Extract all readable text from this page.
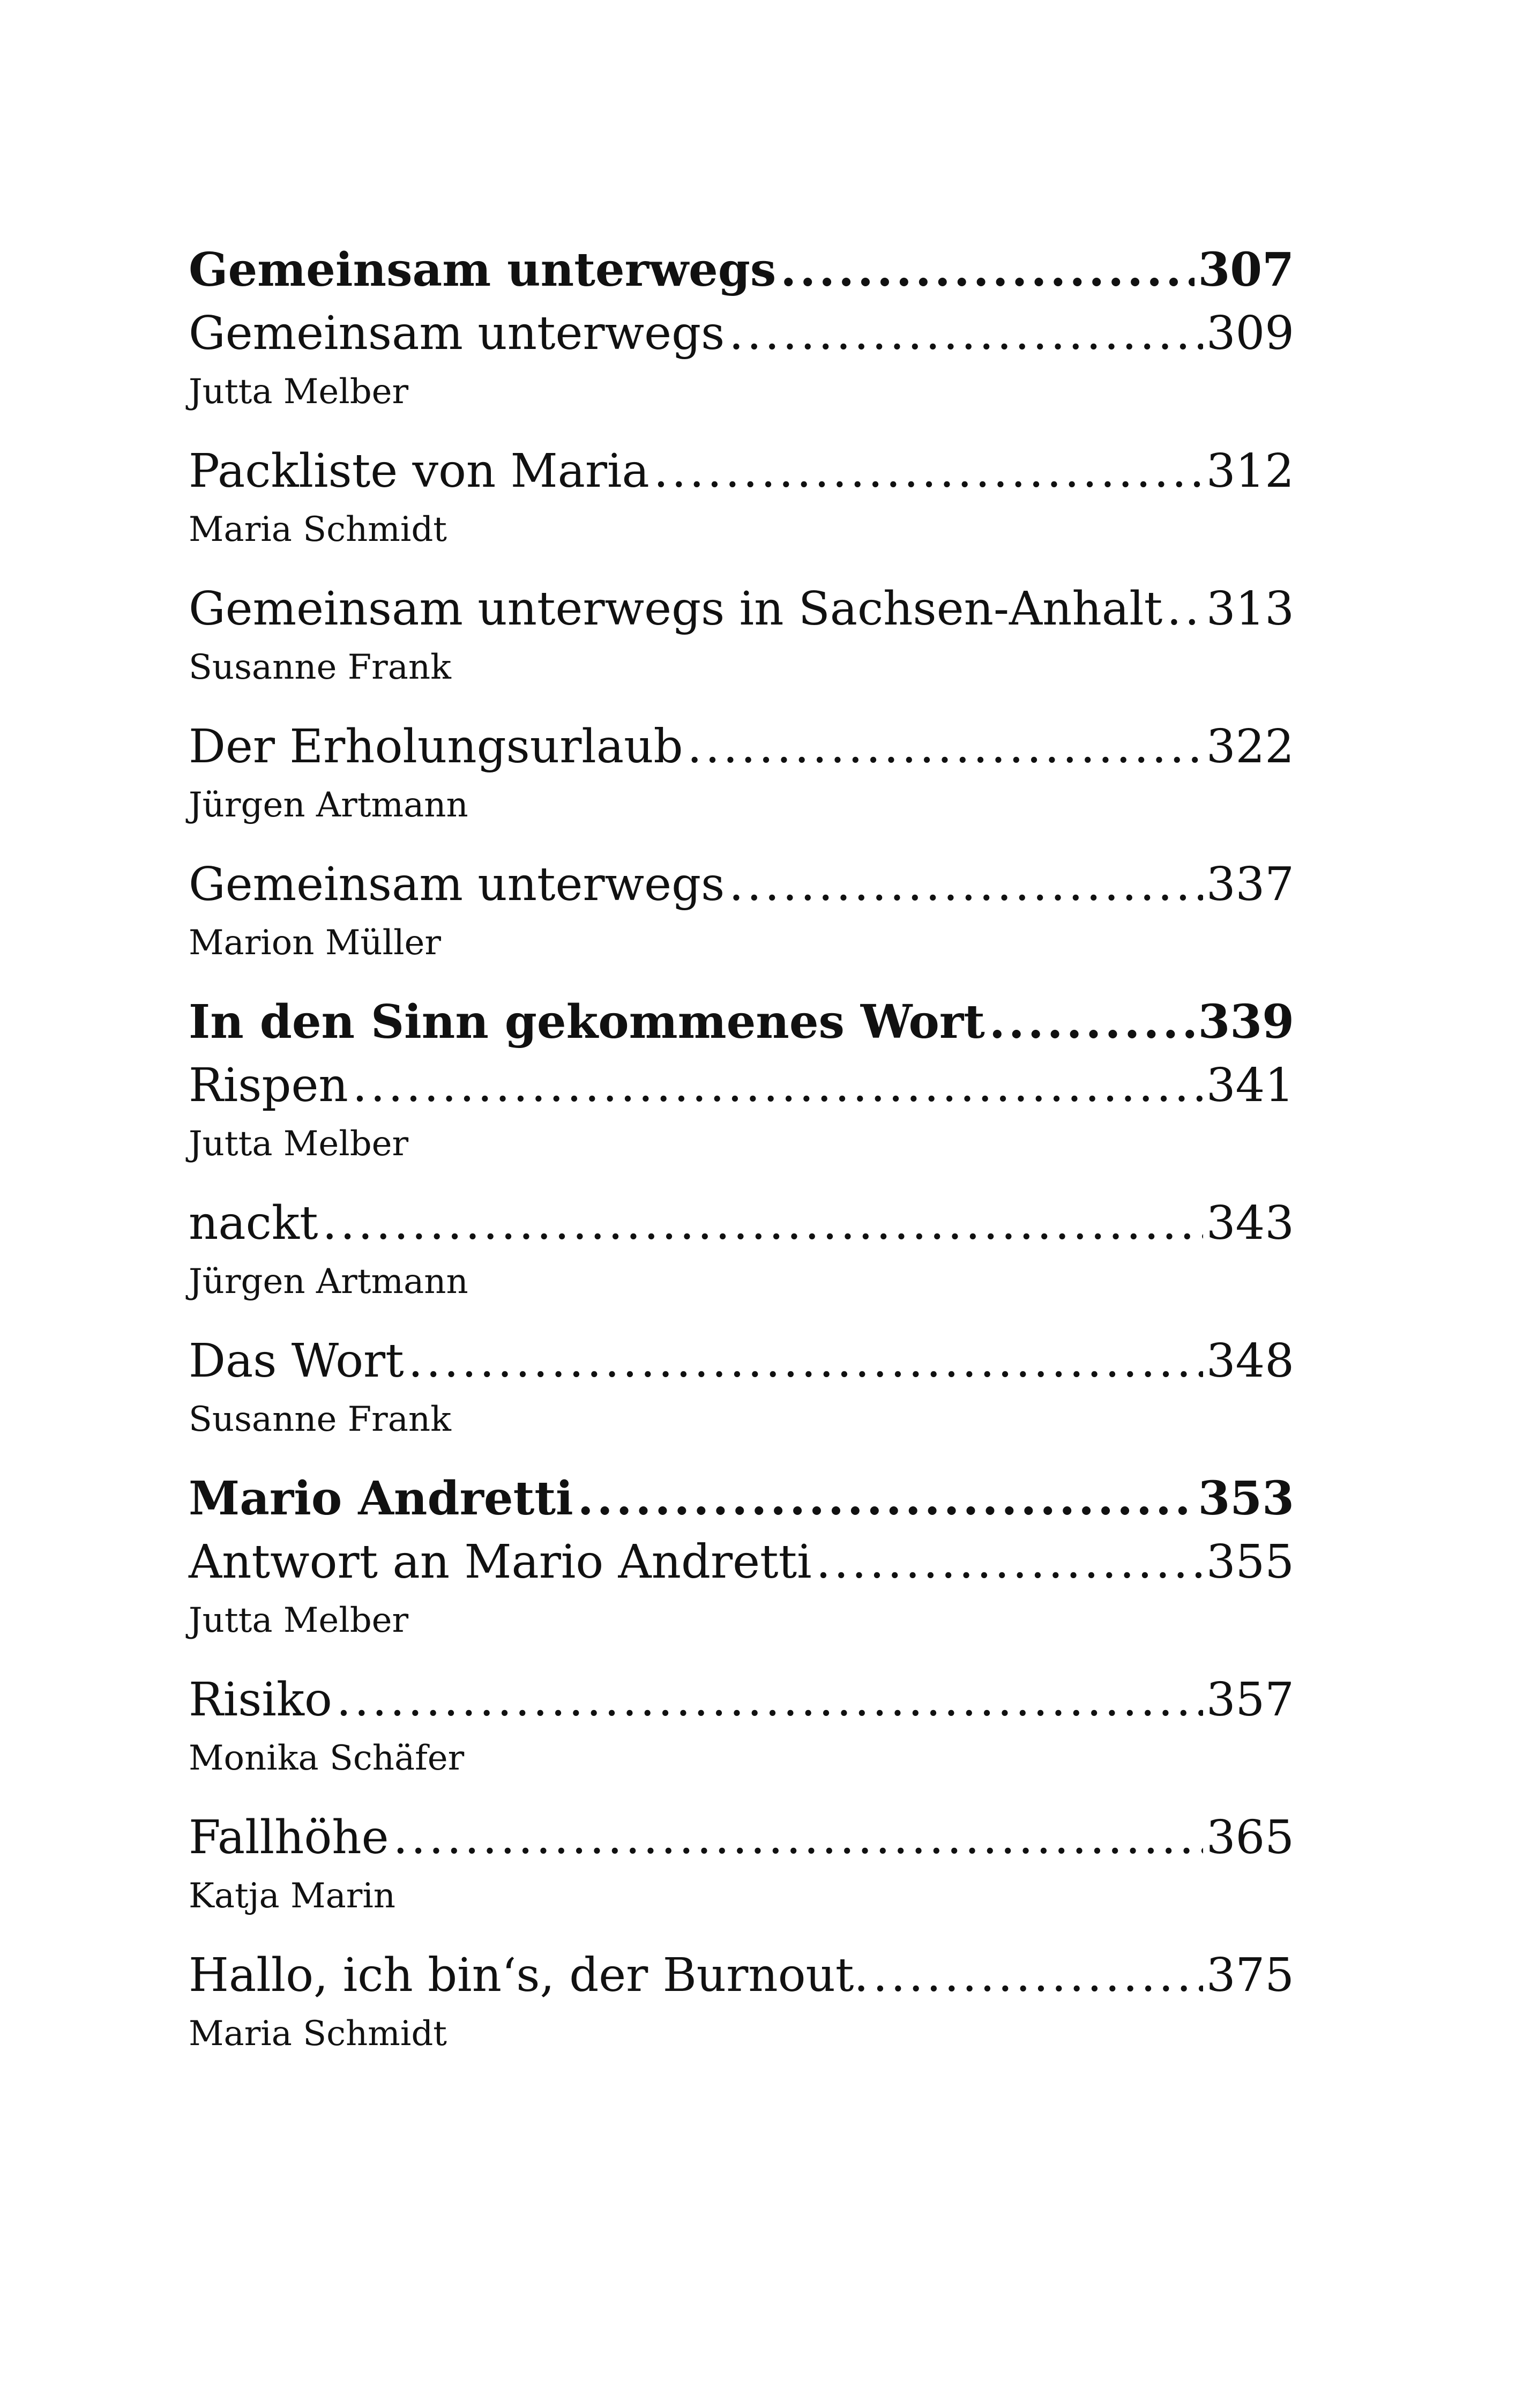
Gemeinsam unterwegs .....	307
Gemeinsam unterwegs .....	309
Jutta Melber
Packliste von Maria .....	312
Maria Schmidt
Gemeinsam unterwegs in Sachsen-Anhalt ..... 313
Susanne Frank
Der Erholungsurlaub .....	322
Jürgen Artmann
Gemeinsam unterwegs .....	337
Marion Müller
In den Sinn gekommenes Wort .....	339
Rispen .....	341
Jutta Melber
nackt .....	343
Jürgen Artmann
Das Wort .....	348
Susanne Frank
Mario Andretti .....	353
Antwort an Mario Andretti .....	355
Jutta Melber
Risiko .....	357
Monika Schäfer
Fallhöhe .....	365
Katja Marin
Hallo, ich bin‘s, der Burnout. .....	375
Maria Schmidt
